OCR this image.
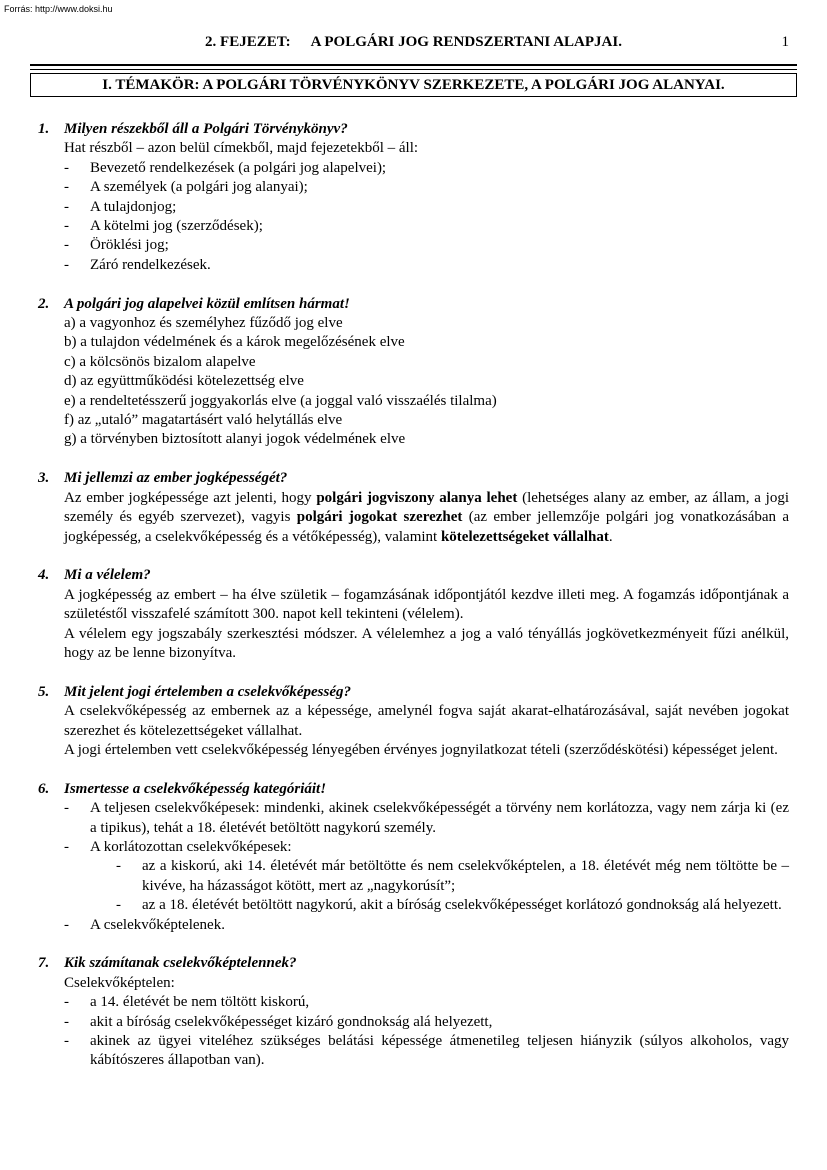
Forrás: http://www.doksi.hu
2. FEJEZET: A POLGÁRI JOG RENDSZERTANI ALAPJAI.	1
I. TÉMAKÖR: A POLGÁRI TÖRVÉNYKÖNYV SZERKEZETE, A POLGÁRI JOG ALANYAI.
1. Milyen részekből áll a Polgári Törvénykönyv?
Hat részből – azon belül címekből, majd fejezetekből – áll:
- Bevezető rendelkezések (a polgári jog alapelvei);
- A személyek (a polgári jog alanyai);
- A tulajdonjog;
- A kötelmi jog (szerződések);
- Öröklési jog;
- Záró rendelkezések.
2. A polgári jog alapelvei közül említsen hármat!
a) a vagyonhoz és személyhez fűződő jog elve
b) a tulajdon védelmének és a károk megelőzésének elve
c) a kölcsönös bizalom alapelve
d) az együttműködési kötelezettség elve
e) a rendeltetésszerű joggyakorlás elve (a joggal való visszaélés tilalma)
f) az „utaló” magatartásért való helytállás elve
g) a törvényben biztosított alanyi jogok védelmének elve
3. Mi jellemzi az ember jogképességét?
Az ember jogképessége azt jelenti, hogy polgári jogviszony alanya lehet (lehetséges alany az ember, az állam, a jogi személy és egyéb szervezet), vagyis polgári jogokat szerezhet (az ember jellemzője polgári jog vonatkozásában a jogképesség, a cselekvőképesség és a vétőképesség), valamint kötelezettségeket vállalhat.
4. Mi a vélelem?
A jogképesség az embert – ha élve születik – fogamzásának időpontjától kezdve illeti meg. A fogamzás időpontjának a születéstől visszafelé számított 300. napot kell tekinteni (vélelem).
A vélelem egy jogszabály szerkesztési módszer. A vélelemhez a jog a való tényállás jogkövetkezményeit fűzi anélkül, hogy az be lenne bizonyítva.
5. Mit jelent jogi értelemben a cselekvőképesség?
A cselekvőképesség az embernek az a képessége, amelynél fogva saját akarat-elhatározásával, saját nevében jogokat szerezhet és kötelezettségeket vállalhat.
A jogi értelemben vett cselekvőképesség lényegében érvényes jognyilatkozat tételi (szerződéskötési) képességet jelent.
6. Ismertesse a cselekvőképesség kategóriáit!
- A teljesen cselekvőképesek: mindenki, akinek cselekvőképességét a törvény nem korlátozza, vagy nem zárja ki (ez a tipikus), tehát a 18. életévét betöltött nagykorú személy.
- A korlátozottan cselekvőképesek:
- az a kiskorú, aki 14. életévét már betöltötte és nem cselekvőképtelen, a 18. életévét még nem töltötte be – kivéve, ha házasságot kötött, mert az „nagykorúsít”;
- az a 18. életévét betöltött nagykorú, akit a bíróság cselekvőképességet korlátozó gondnokság alá helyezett.
- A cselekvőképtelenek.
7. Kik számítanak cselekvőképtelennek?
Cselekvőképtelen:
- a 14. életévét be nem töltött kiskorú,
- akit a bíróság cselekvőképességet kizáró gondnokság alá helyezett,
- akinek az ügyei viteléhez szükséges belátási képessége átmenetileg teljesen hiányzik (súlyos alkoholos, vagy kábítószeres állapotban van).
